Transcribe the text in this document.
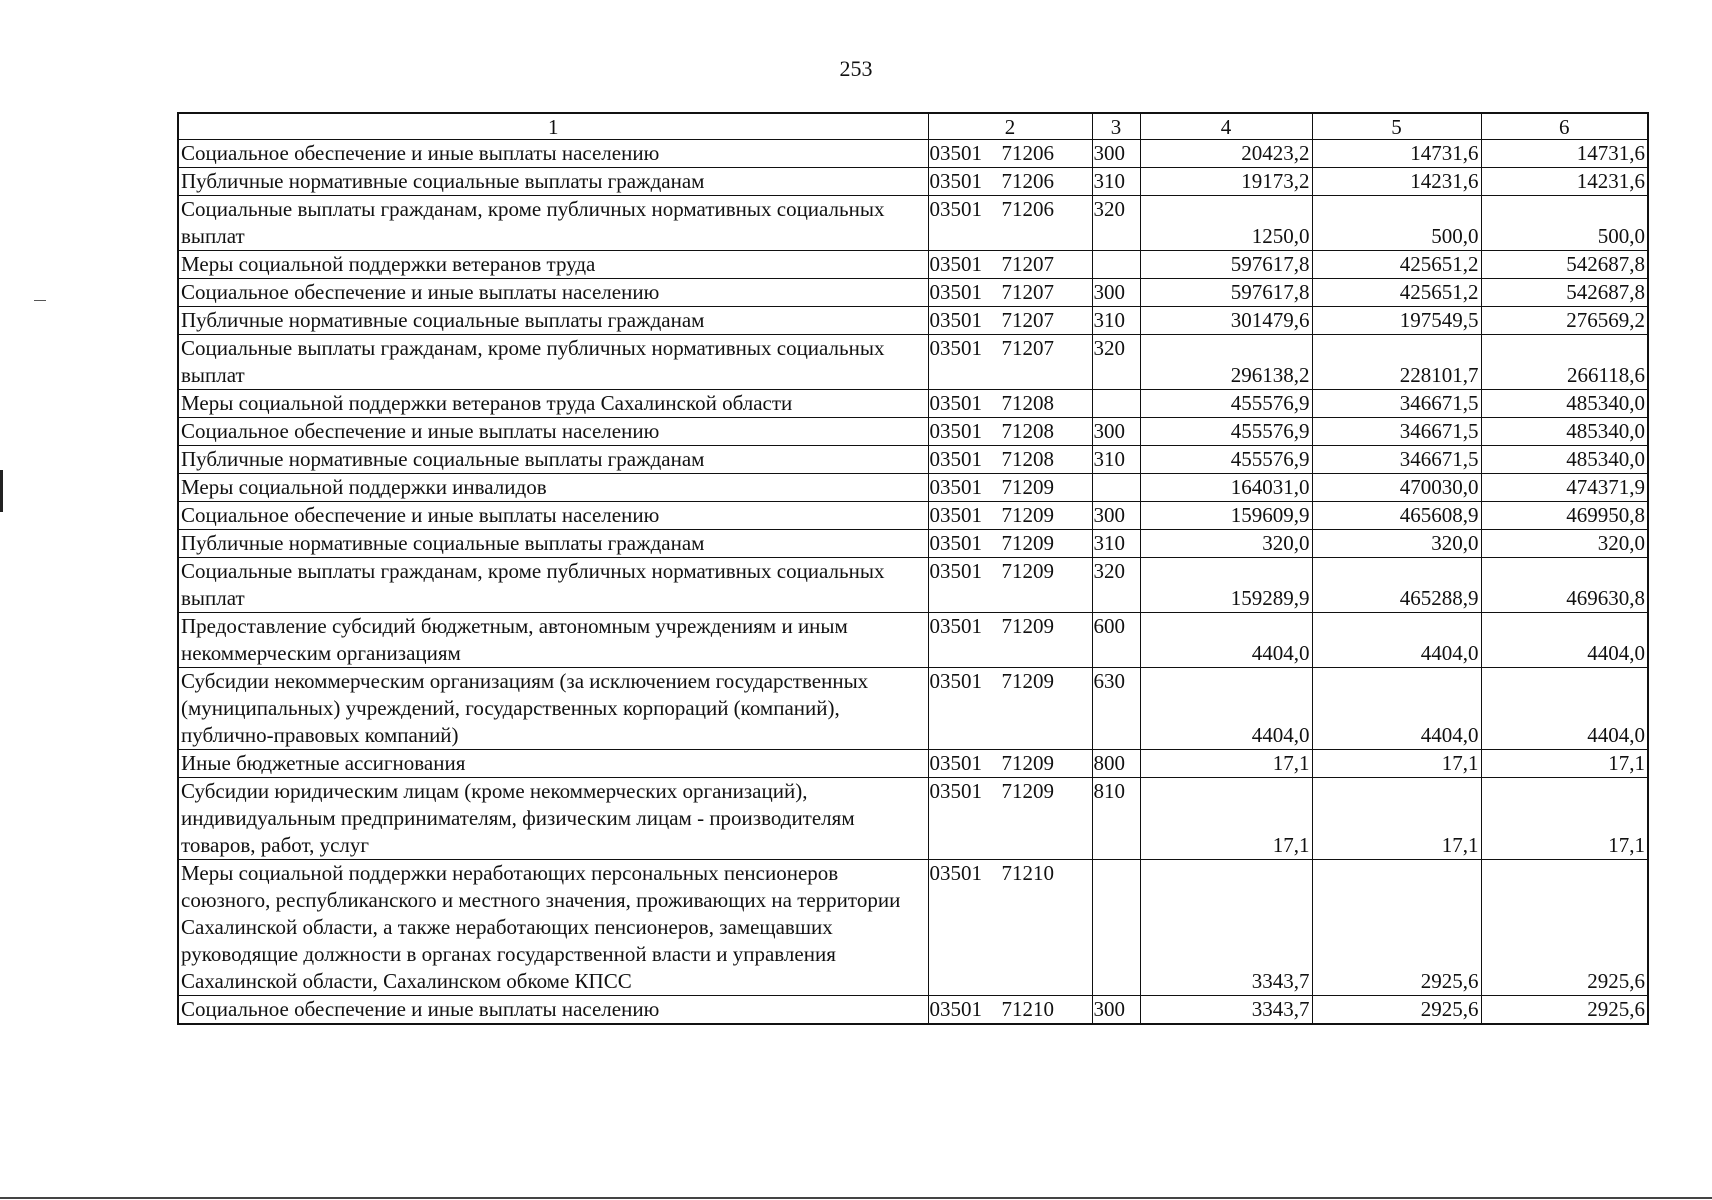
253
1	2	3	4	5	6
Социальное обеспечение и иные выплаты населению	03501 71206	300	20423,2	14731,6	14731,6
Публичные нормативные социальные выплаты гражданам	03501 71206	310	19173,2	14231,6	14231,6
Социальные выплаты гражданам, кроме публичных нормативных социальных выплат	03501 71206	320	1250,0	500,0	500,0
Меры социальной поддержки ветеранов труда	03501 71207		597617,8	425651,2	542687,8
Социальное обеспечение и иные выплаты населению	03501 71207	300	597617,8	425651,2	542687,8
Публичные нормативные социальные выплаты гражданам	03501 71207	310	301479,6	197549,5	276569,2
Социальные выплаты гражданам, кроме публичных нормативных социальных выплат	03501 71207	320	296138,2	228101,7	266118,6
Меры социальной поддержки ветеранов труда Сахалинской области	03501 71208		455576,9	346671,5	485340,0
Социальное обеспечение и иные выплаты населению	03501 71208	300	455576,9	346671,5	485340,0
Публичные нормативные социальные выплаты гражданам	03501 71208	310	455576,9	346671,5	485340,0
Меры социальной поддержки инвалидов	03501 71209		164031,0	470030,0	474371,9
Социальное обеспечение и иные выплаты населению	03501 71209	300	159609,9	465608,9	469950,8
Публичные нормативные социальные выплаты гражданам	03501 71209	310	320,0	320,0	320,0
Социальные выплаты гражданам, кроме публичных нормативных социальных выплат	03501 71209	320	159289,9	465288,9	469630,8
Предоставление субсидий бюджетным, автономным учреждениям и иным некоммерческим организациям	03501 71209	600	4404,0	4404,0	4404,0
Субсидии некоммерческим организациям (за исключением государственных (муниципальных) учреждений, государственных корпораций (компаний), публично-правовых компаний)	03501 71209	630	4404,0	4404,0	4404,0
Иные бюджетные ассигнования	03501 71209	800	17,1	17,1	17,1
Субсидии юридическим лицам (кроме некоммерческих организаций), индивидуальным предпринимателям, физическим лицам - производителям товаров, работ, услуг	03501 71209	810	17,1	17,1	17,1
Меры социальной поддержки неработающих персональных пенсионеров союзного, республиканского и местного значения, проживающих на территории Сахалинской области, а также неработающих пенсионеров, замещавших руководящие должности в органах государственной власти и управления Сахалинской области, Сахалинском обкоме КПСС	03501 71210		3343,7	2925,6	2925,6
Социальное обеспечение и иные выплаты населению	03501 71210	300	3343,7	2925,6	2925,6
